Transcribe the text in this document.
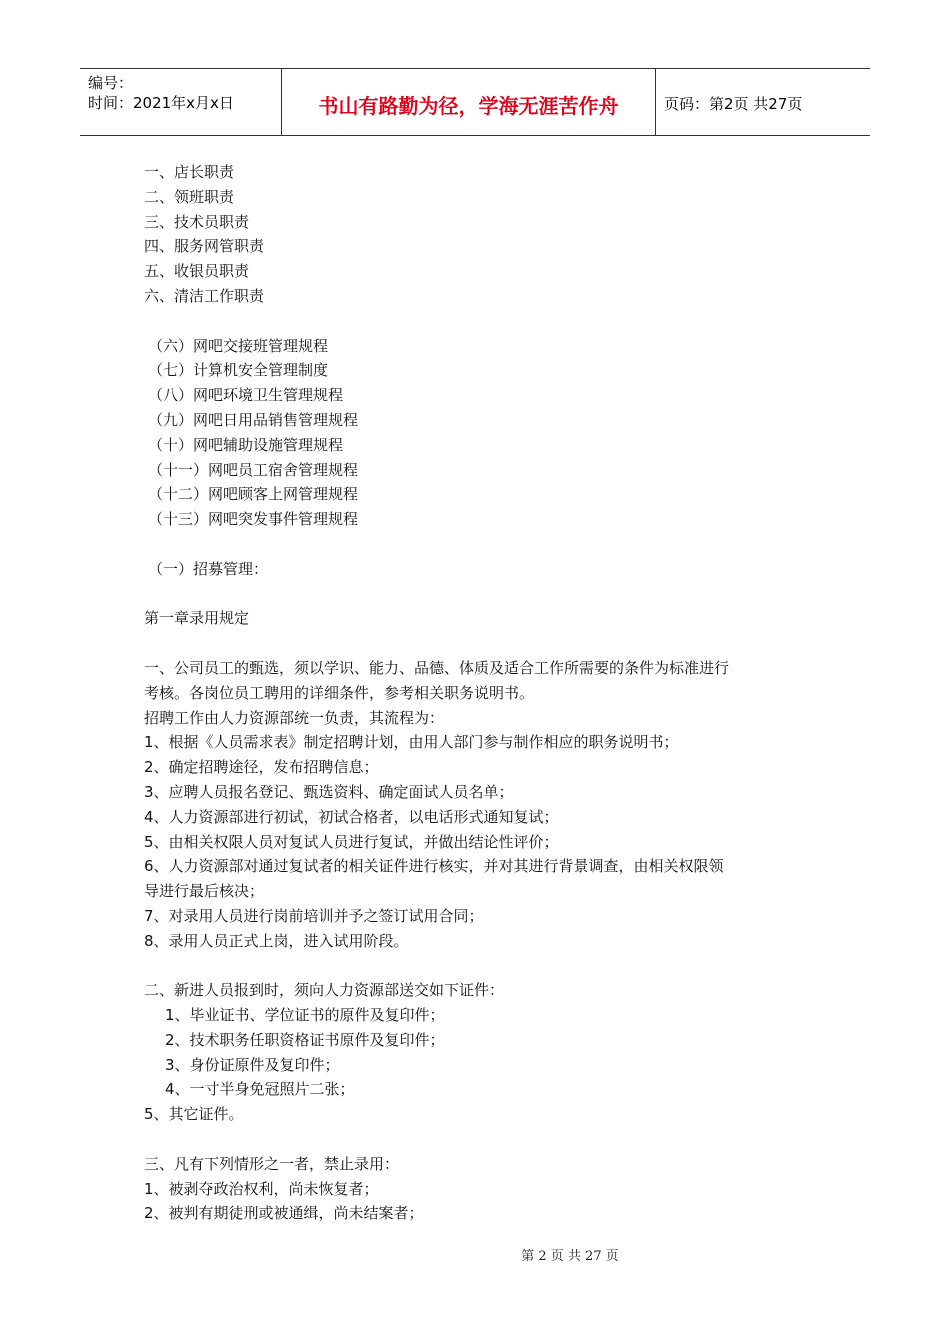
编号：
时间：2021年x月x日	书山有路勤为径，学海无涯苦作舟	页码：第2页 共27页

一、店长职责

二、领班职责

三、技术员职责

四、服务网管职责

五、收银员职责

六、清洁工作职责

（六）网吧交接班管理规程

（七）计算机安全管理制度

（八）网吧环境卫生管理规程

（九）网吧日用品销售管理规程

（十）网吧辅助设施管理规程

（十一）网吧员工宿舍管理规程

（十二）网吧顾客上网管理规程

（十三）网吧突发事件管理规程

（一）招募管理：

第一章录用规定

一、公司员工的甄选，须以学识、能力、品德、体质及适合工作所需要的条件为标准进行

考核。各岗位员工聘用的详细条件，参考相关职务说明书。

招聘工作由人力资源部统一负责，其流程为：

1、根据《人员需求表》制定招聘计划，由用人部门参与制作相应的职务说明书；

2、确定招聘途径，发布招聘信息；

3、应聘人员报名登记、甄选资料、确定面试人员名单；

4、人力资源部进行初试，初试合格者，以电话形式通知复试；

5、由相关权限人员对复试人员进行复试，并做出结论性评价；

6、人力资源部对通过复试者的相关证件进行核实，并对其进行背景调查，由相关权限领

导进行最后核决；

7、对录用人员进行岗前培训并予之签订试用合同；

8、录用人员正式上岗，进入试用阶段。

二、新进人员报到时，须向人力资源部送交如下证件：

1、毕业证书、学位证书的原件及复印件；

2、技术职务任职资格证书原件及复印件；

3、身份证原件及复印件；

4、一寸半身免冠照片二张；

5、其它证件。

三、凡有下列情形之一者，禁止录用：

1、被剥夺政治权利，尚未恢复者；

2、被判有期徒刑或被通缉，尚未结案者；

第 2 页 共 27 页
